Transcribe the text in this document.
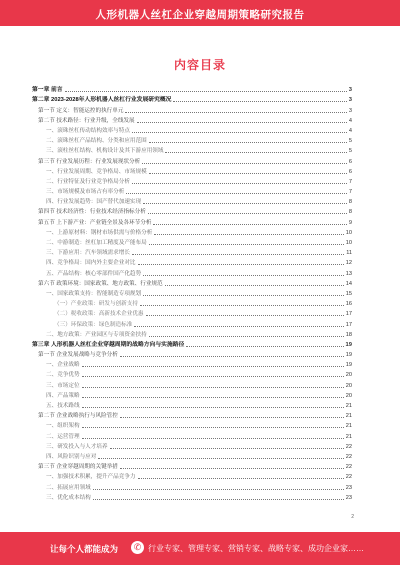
人形机器人丝杠企业穿越周期策略研究报告
内容目录
第一章 前言	3
第二章 2023-2028年人形机器人丝杠行业发展研究概况	3
第一节 定义：智能运控的执行单元	3
第二节 技术路径：行业升级，全线发展	4
一、滚珠丝杠传动结构效率与特点	4
二、滚珠丝杠产品结构、分类和应用范围	5
三、滚柱丝杠结构、机构设计及其下游应用领域	5
第三节 行业发展历程：行业发展现状分析	6
一、行业发展周期、竞争格局、市场规模	6
二、行业特征及行业竞争格局分析	7
三、市场规模及市场占有率分析	7
四、行业发展趋势：国产替代加速实现	8
第四节 技术经济性：行业技术经济指标分析	8
第五节 上下游产业：产业链全景及各环节分析	9
一、上游原材料：钢材市场供需与价格分析	10
二、中游制造：丝杠加工精度及产能布局	10
三、下游应用：汽车领域需求增长	11
四、竞争格局：国内外主要企业对比	12
五、产品结构：核心零部件国产化趋势	13
第六节 政策环境：国家政策、地方政策、行业规范	14
一、国家政策支持：智能制造专项规划	15
（一）产业政策：研发与创新支持	16
（二）税收政策：高新技术企业优惠	17
（三）环保政策：绿色制造标准	17
二、地方政策：产业园区与专项资金扶持	18
第三章 人形机器人丝杠企业穿越周期的战略方向与实施路径	19
第一节 企业发展战略与竞争分析	19
一、企业战略	19
二、竞争优势	20
三、市场定位	20
四、产品策略	20
五、技术路线	21
第二节 企业战略执行与风险管控	21
一、组织架构	21
二、运营管理	21
三、研发投入与人才培养	22
四、风险识别与应对	22
第三节 企业穿越周期的关键举措	22
一、加强技术积累，提升产品竞争力	22
二、拓展应用领域	23
三、优化成本结构	23
2
让每个人都能成为	✆ 行业专家、管理专家、营销专家、战略专家、成功企业家……
